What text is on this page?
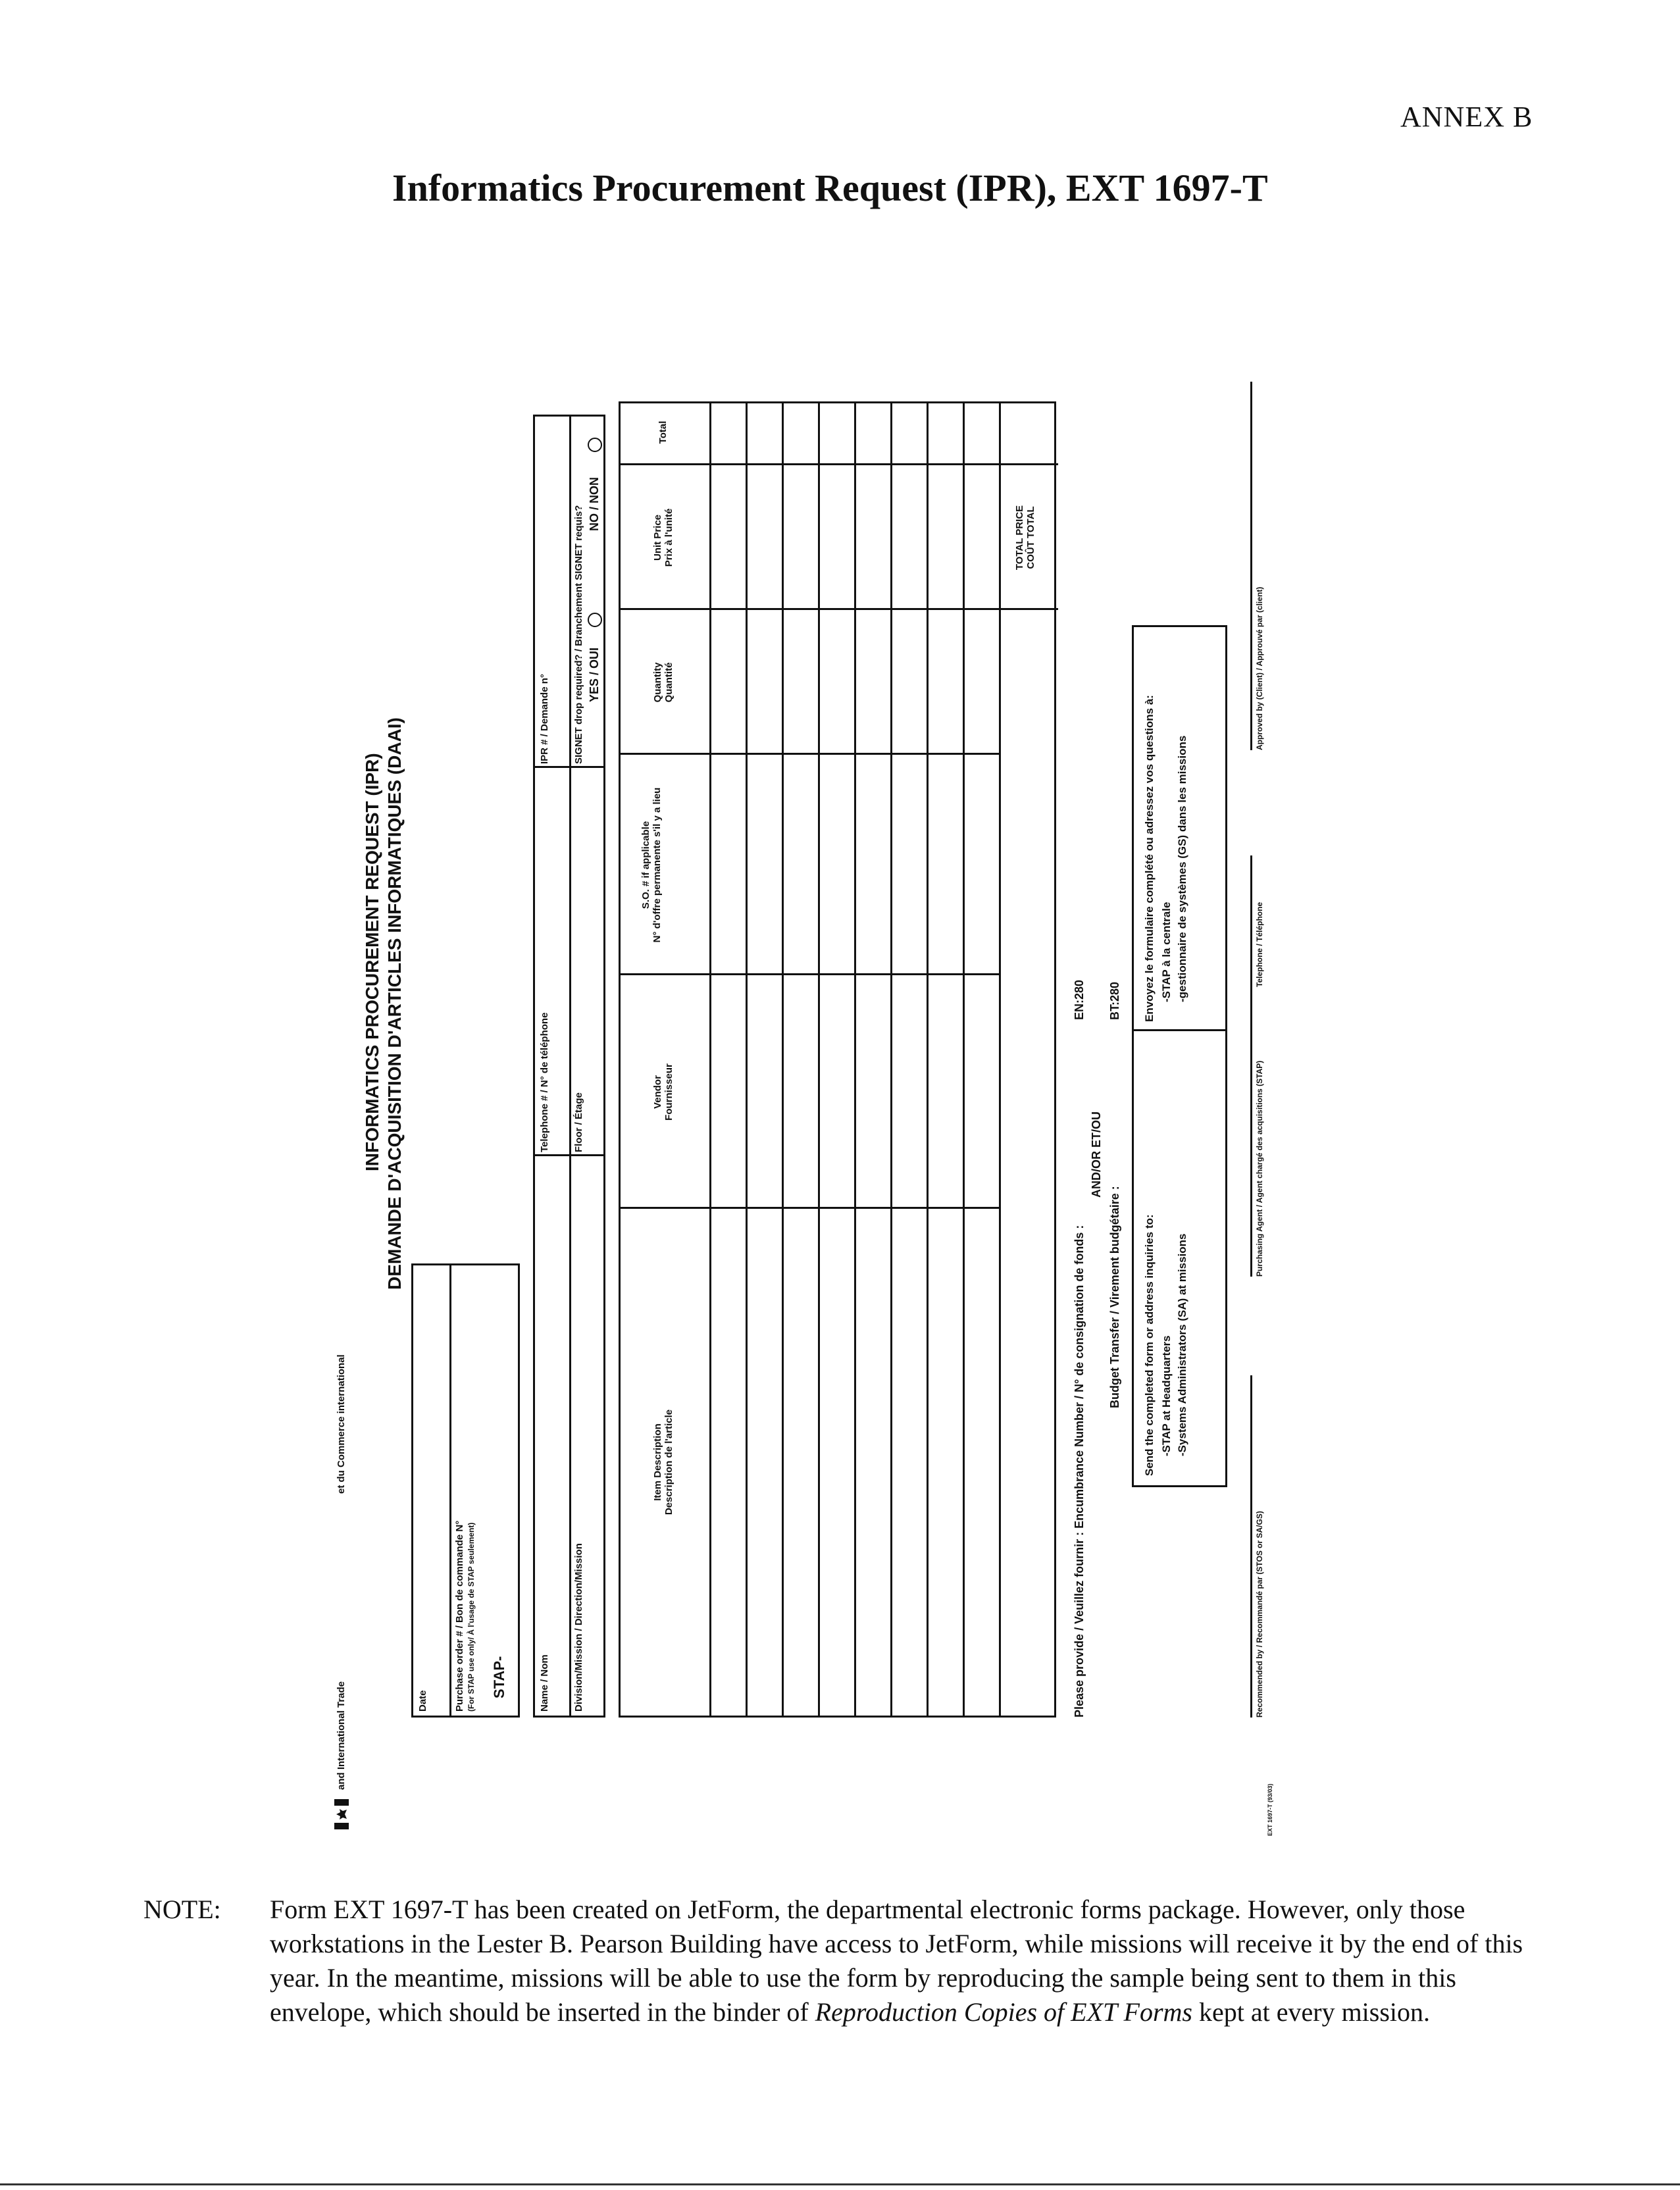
ANNEX B
Informatics Procurement Request (IPR), EXT 1697-T
and International Trade
et du Commerce international
INFORMATICS PROCUREMENT REQUEST (IPR) DEMANDE D'ACQUISITION D'ARTICLES INFORMATIQUES (DAAI)
Date	Purchase order # / Bon de commande N° (For STAP use only/ À l'usage de STAP seulement) STAP-	Name / Nom
Telephone # / N° de téléphone
IPR # / Demande n°
Division/Mission / Direction/Mission
Floor / Étage
SIGNET drop required? / Branchement SIGNET requis? YES / OUI
NO / NON
Item Description Description de l'article
Vendor Fournisseur
S.O. # if applicable N° d'offre permanente s'il y a lieu
Quantity Quantité
Unit Price Prix à l'unité
Total
TOTAL PRICE COÛT TOTAL
Please provide / Veuillez fournir : Encumbrance Number / N° de consignation de fonds :
EN:280
AND/OR ET/OU
Budget Transfer / Virement budgétaire :
BT:280
Send the completed form or address inquiries to: -STAP at Headquarters -Systems Administrators (SA) at missions
Envoyez le formulaire complété ou adressez vos questions à: -STAP à la centrale -gestionnaire de systèmes (GS) dans les missions
Recommended by / Recommandé par (STOS or SA/GS)
Purchasing Agent / Agent chargé des acquisitions (STAP)
Telephone / Téléphone
Approved by (Client) / Approuvé par (client)
EXT 1697-T (93/03)
NOTE: Form EXT 1697-T has been created on JetForm, the departmental electronic forms package. However, only those workstations in the Lester B. Pearson Building have access to JetForm, while missions will receive it by the end of this year. In the meantime, missions will be able to use the form by reproducing the sample being sent to them in this envelope, which should be inserted in the binder of Reproduction Copies of EXT Forms kept at every mission.
